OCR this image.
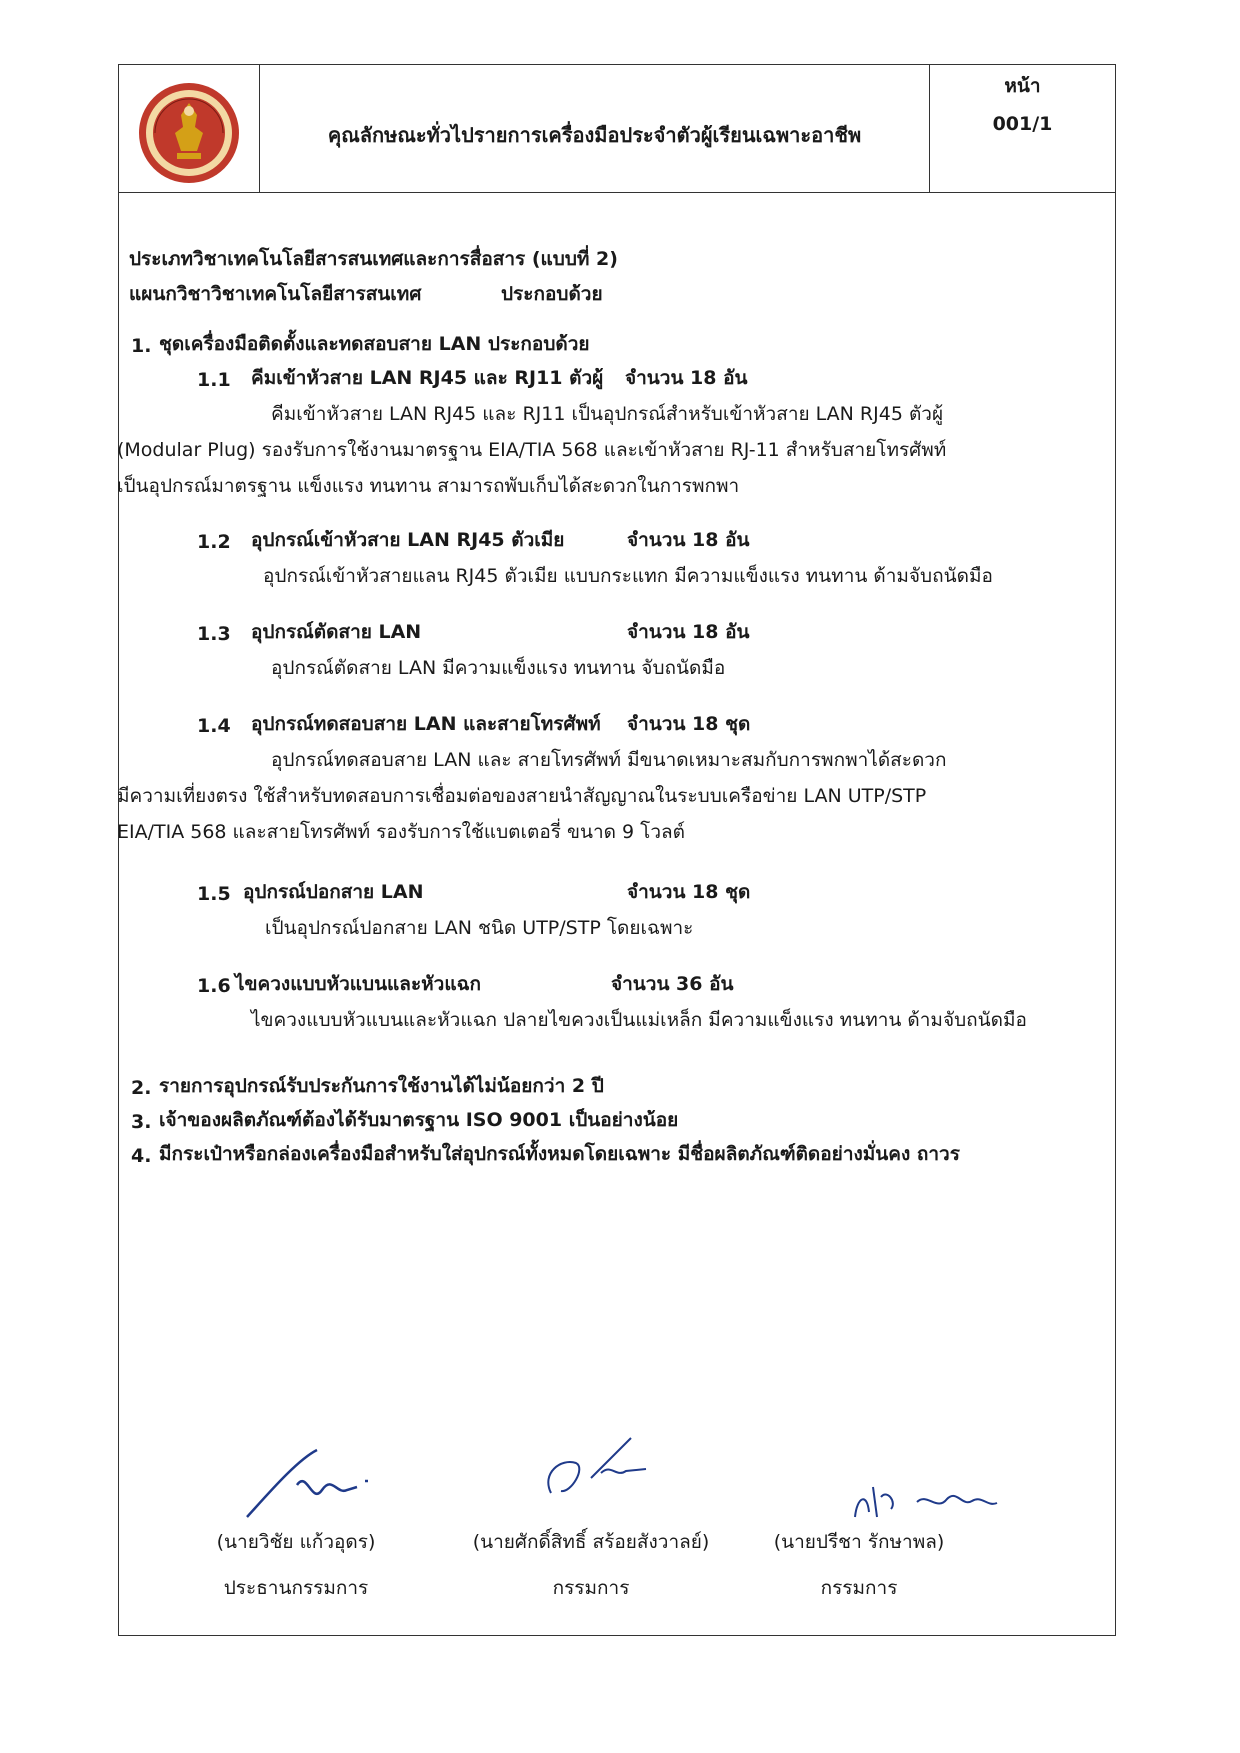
คุณลักษณะทั่วไปรายการเครื่องมือประจำตัวผู้เรียนเฉพาะอาชีพ
หน้า
001/1
ประเภทวิชาเทคโนโลยีสารสนเทศและการสื่อสาร (แบบที่ 2)
แผนกวิชาวิชาเทคโนโลยีสารสนเทศ	ประกอบด้วย
1. ชุดเครื่องมือติดตั้งและทดสอบสาย LAN ประกอบด้วย
1.1 คีมเข้าหัวสาย LAN RJ45 และ RJ11 ตัวผู้ จำนวน 18 อัน
คีมเข้าหัวสาย LAN RJ45 และ RJ11 เป็นอุปกรณ์สำหรับเข้าหัวสาย LAN RJ45 ตัวผู้
(Modular Plug) รองรับการใช้งานมาตรฐาน EIA/TIA 568 และเข้าหัวสาย RJ-11 สำหรับสายโทรศัพท์
เป็นอุปกรณ์มาตรฐาน แข็งแรง ทนทาน สามารถพับเก็บได้สะดวกในการพกพา
1.2 อุปกรณ์เข้าหัวสาย LAN RJ45 ตัวเมีย	จำนวน 18 อัน
อุปกรณ์เข้าหัวสายแลน RJ45 ตัวเมีย แบบกระแทก มีความแข็งแรง ทนทาน ด้ามจับถนัดมือ
1.3 อุปกรณ์ตัดสาย LAN	จำนวน 18 อัน
อุปกรณ์ตัดสาย LAN มีความแข็งแรง ทนทาน จับถนัดมือ
1.4 อุปกรณ์ทดสอบสาย LAN และสายโทรศัพท์ จำนวน 18 ชุด
อุปกรณ์ทดสอบสาย LAN และ สายโทรศัพท์ มีขนาดเหมาะสมกับการพกพาได้สะดวก
มีความเที่ยงตรง ใช้สำหรับทดสอบการเชื่อมต่อของสายนำสัญญาณในระบบเครือข่าย LAN UTP/STP
EIA/TIA 568 และสายโทรศัพท์ รองรับการใช้แบตเตอรี่ ขนาด 9 โวลต์
1.5 อุปกรณ์ปอกสาย LAN	จำนวน 18 ชุด
เป็นอุปกรณ์ปอกสาย LAN ชนิด UTP/STP โดยเฉพาะ
1.6 ไขควงแบบหัวแบนและหัวแฉก	จำนวน 36 อัน
ไขควงแบบหัวแบนและหัวแฉก ปลายไขควงเป็นแม่เหล็ก มีความแข็งแรง ทนทาน ด้ามจับถนัดมือ
2. รายการอุปกรณ์รับประกันการใช้งานได้ไม่น้อยกว่า 2 ปี
3. เจ้าของผลิตภัณฑ์ต้องได้รับมาตรฐาน ISO 9001 เป็นอย่างน้อย
4. มีกระเป๋าหรือกล่องเครื่องมือสำหรับใส่อุปกรณ์ทั้งหมดโดยเฉพาะ มีชื่อผลิตภัณฑ์ติดอย่างมั่นคง ถาวร
(นายวิชัย แก้วอุดร)
ประธานกรรมการ
(นายศักดิ์สิทธิ์ สร้อยสังวาลย์)
กรรมการ
(นายปรีชา รักษาพล)
กรรมการ
